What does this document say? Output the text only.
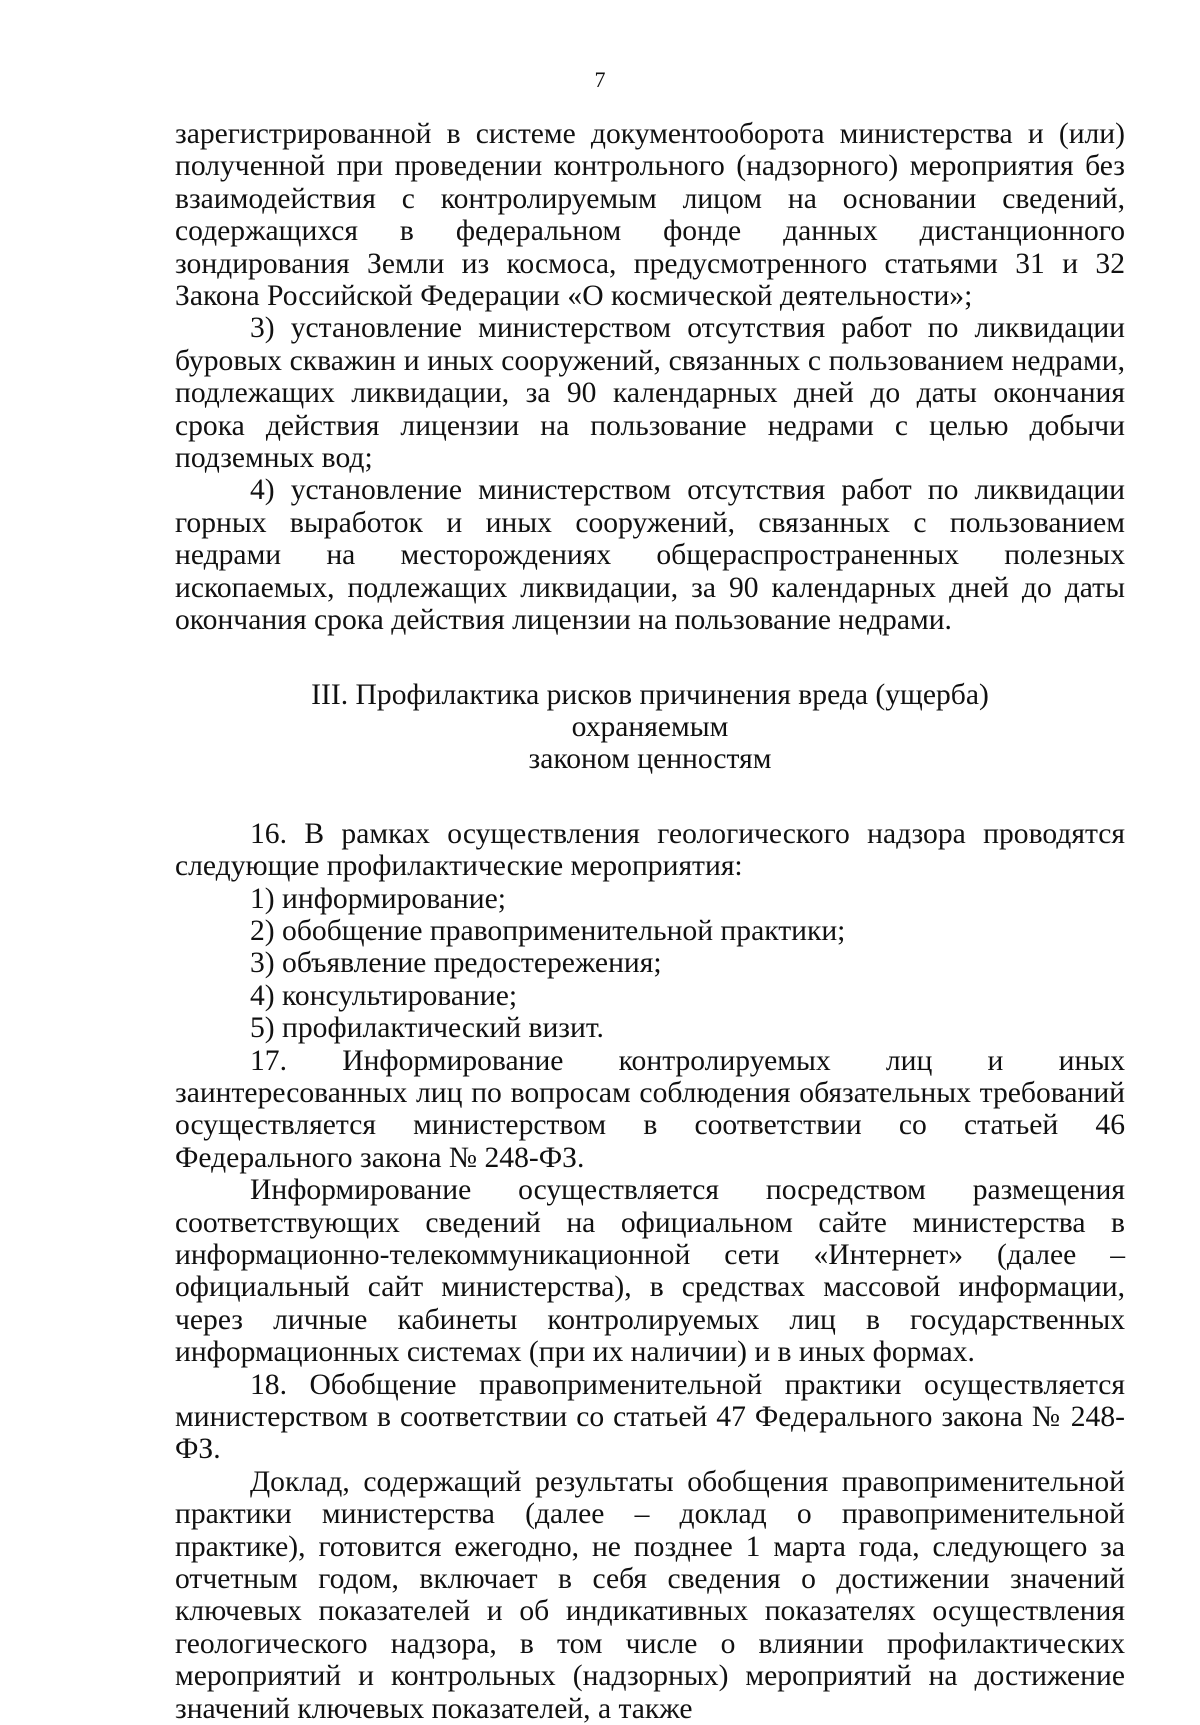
7

зарегистрированной в системе документооборота министерства и (или) полученной при проведении контрольного (надзорного) мероприятия без взаимодействия с контролируемым лицом на основании сведений, содержащихся в федеральном фонде данных дистанционного зондирования Земли из космоса, предусмотренного статьями 31 и 32 Закона Российской Федерации «О космической деятельности»;

3) установление министерством отсутствия работ по ликвидации буровых скважин и иных сооружений, связанных с пользованием недрами, подлежащих ликвидации, за 90 календарных дней до даты окончания срока действия лицензии на пользование недрами с целью добычи подземных вод;

4) установление министерством отсутствия работ по ликвидации горных выработок и иных сооружений, связанных с пользованием недрами на месторождениях общераспространенных полезных ископаемых, подлежащих ликвидации, за 90 календарных дней до даты окончания срока действия лицензии на пользование недрами.

III. Профилактика рисков причинения вреда (ущерба) охраняемым
законом ценностям

16. В рамках осуществления геологического надзора проводятся следующие профилактические мероприятия:

1) информирование;

2) обобщение правоприменительной практики;

3) объявление предостережения;

4) консультирование;

5) профилактический визит.

17. Информирование контролируемых лиц и иных заинтересованных лиц по вопросам соблюдения обязательных требований осуществляется министерством в соответствии со статьей 46 Федерального закона № 248-ФЗ.

Информирование осуществляется посредством размещения соответствующих сведений на официальном сайте министерства в информационно-телекоммуникационной сети «Интернет» (далее – официальный сайт министерства), в средствах массовой информации, через личные кабинеты контролируемых лиц в государственных информационных системах (при их наличии) и в иных формах.

18. Обобщение правоприменительной практики осуществляется министерством в соответствии со статьей 47 Федерального закона № 248-ФЗ.

Доклад, содержащий результаты обобщения правоприменительной практики министерства (далее – доклад о правоприменительной практике), готовится ежегодно, не позднее 1 марта года, следующего за отчетным годом, включает в себя сведения о достижении значений ключевых показателей и об индикативных показателях осуществления геологического надзора, в том числе о влиянии профилактических мероприятий и контрольных (надзорных) мероприятий на достижение значений ключевых показателей, а также
